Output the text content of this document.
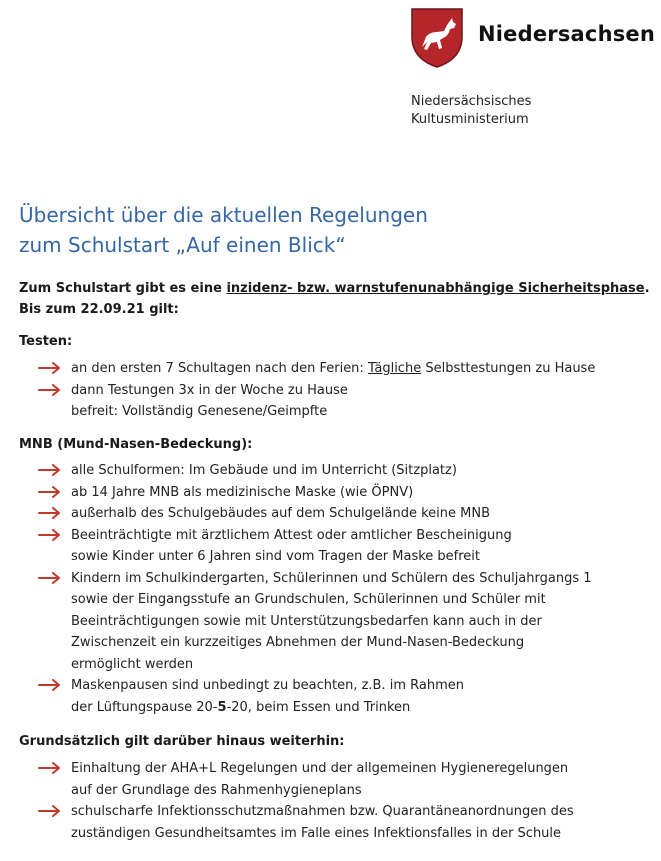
Niedersachsen
Niedersächsisches
Kultusministerium
Übersicht über die aktuellen Regelungen
zum Schulstart „Auf einen Blick“
Zum Schulstart gibt es eine inzidenz- bzw. warnstufenunabhängige Sicherheitsphase.
Bis zum 22.09.21 gilt:
Testen:
an den ersten 7 Schultagen nach den Ferien: Tägliche Selbsttestungen zu Hause
dann Testungen 3x in der Woche zu Hause
befreit: Vollständig Genesene/Geimpfte
MNB (Mund-Nasen-Bedeckung):
alle Schulformen: Im Gebäude und im Unterricht (Sitzplatz)
ab 14 Jahre MNB als medizinische Maske (wie ÖPNV)
außerhalb des Schulgebäudes auf dem Schulgelände keine MNB
Beeinträchtigte mit ärztlichem Attest oder amtlicher Bescheinigung
sowie Kinder unter 6 Jahren sind vom Tragen der Maske befreit
Kindern im Schulkindergarten, Schülerinnen und Schülern des Schuljahrgangs 1
sowie der Eingangsstufe an Grundschulen, Schülerinnen und Schüler mit
Beeinträchtigungen sowie mit Unterstützungsbedarfen kann auch in der
Zwischenzeit ein kurzzeitiges Abnehmen der Mund-Nasen-Bedeckung
ermöglicht werden
Maskenpausen sind unbedingt zu beachten, z.B. im Rahmen
der Lüftungspause 20-5-20, beim Essen und Trinken
Grundsätzlich gilt darüber hinaus weiterhin:
Einhaltung der AHA+L Regelungen und der allgemeinen Hygieneregelungen
auf der Grundlage des Rahmenhygieneplans
schulscharfe Infektionsschutzmaßnahmen bzw. Quarantäneanordnungen des
zuständigen Gesundheitsamtes im Falle eines Infektionsfalles in der Schule
